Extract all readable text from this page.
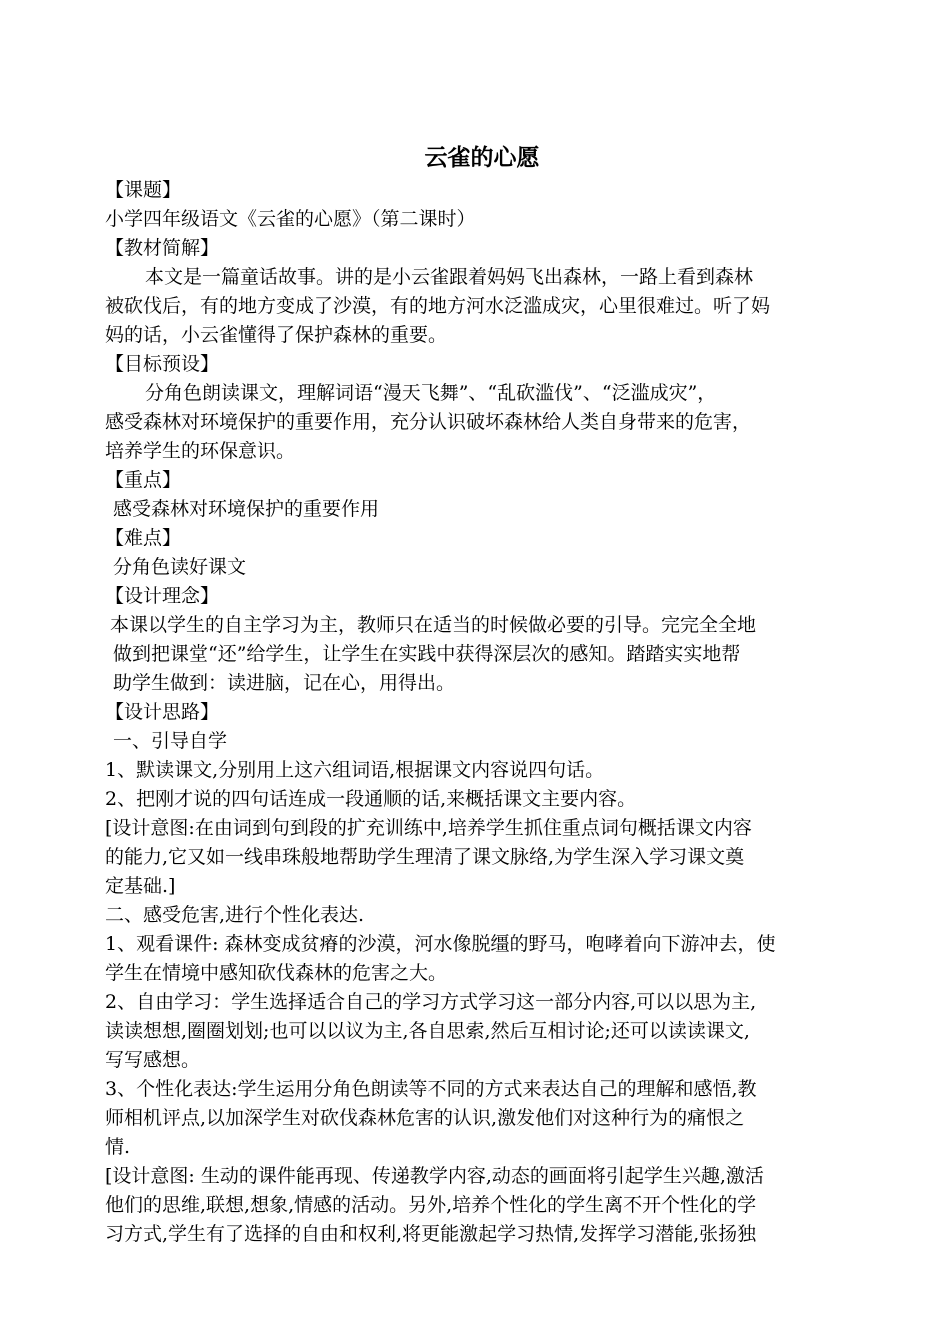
云雀的心愿

【课题】

小学四年级语文《云雀的心愿》（第二课时）

【教材简解】

本文是一篇童话故事。讲的是小云雀跟着妈妈飞出森林，一路上看到森林

被砍伐后，有的地方变成了沙漠，有的地方河水泛滥成灾，心里很难过。听了妈

妈的话，小云雀懂得了保护森林的重要。

【目标预设】

分角色朗读课文，理解词语“漫天飞舞”、“乱砍滥伐”、“泛滥成灾”，

感受森林对环境保护的重要作用，充分认识破坏森林给人类自身带来的危害，

培养学生的环保意识。

【重点】

感受森林对环境保护的重要作用

【难点】

分角色读好课文

【设计理念】

本课以学生的自主学习为主，教师只在适当的时候做必要的引导。完完全全地

做到把课堂“还”给学生，让学生在实践中获得深层次的感知。踏踏实实地帮

助学生做到：读进脑，记在心，用得出。

【设计思路】

一、引导自学

1、默读课文,分别用上这六组词语,根据课文内容说四句话。

2、把刚才说的四句话连成一段通顺的话,来概括课文主要内容。

[设计意图:在由词到句到段的扩充训练中,培养学生抓住重点词句概括课文内容

的能力,它又如一线串珠般地帮助学生理清了课文脉络,为学生深入学习课文奠

定基础.]

二、感受危害,进行个性化表达.

1、观看课件: 森林变成贫瘠的沙漠，河水像脱缰的野马，咆哮着向下游冲去，使

学生在情境中感知砍伐森林的危害之大。

2、自由学习：学生选择适合自己的学习方式学习这一部分内容,可以以思为主,

读读想想,圈圈划划;也可以以议为主,各自思索,然后互相讨论;还可以读读课文,

写写感想。

3、个性化表达:学生运用分角色朗读等不同的方式来表达自己的理解和感悟,教

师相机评点,以加深学生对砍伐森林危害的认识,激发他们对这种行为的痛恨之

情.

[设计意图: 生动的课件能再现、传递教学内容,动态的画面将引起学生兴趣,激活

他们的思维,联想,想象,情感的活动。另外,培养个性化的学生离不开个性化的学

习方式,学生有了选择的自由和权利,将更能激起学习热情,发挥学习潜能,张扬独
